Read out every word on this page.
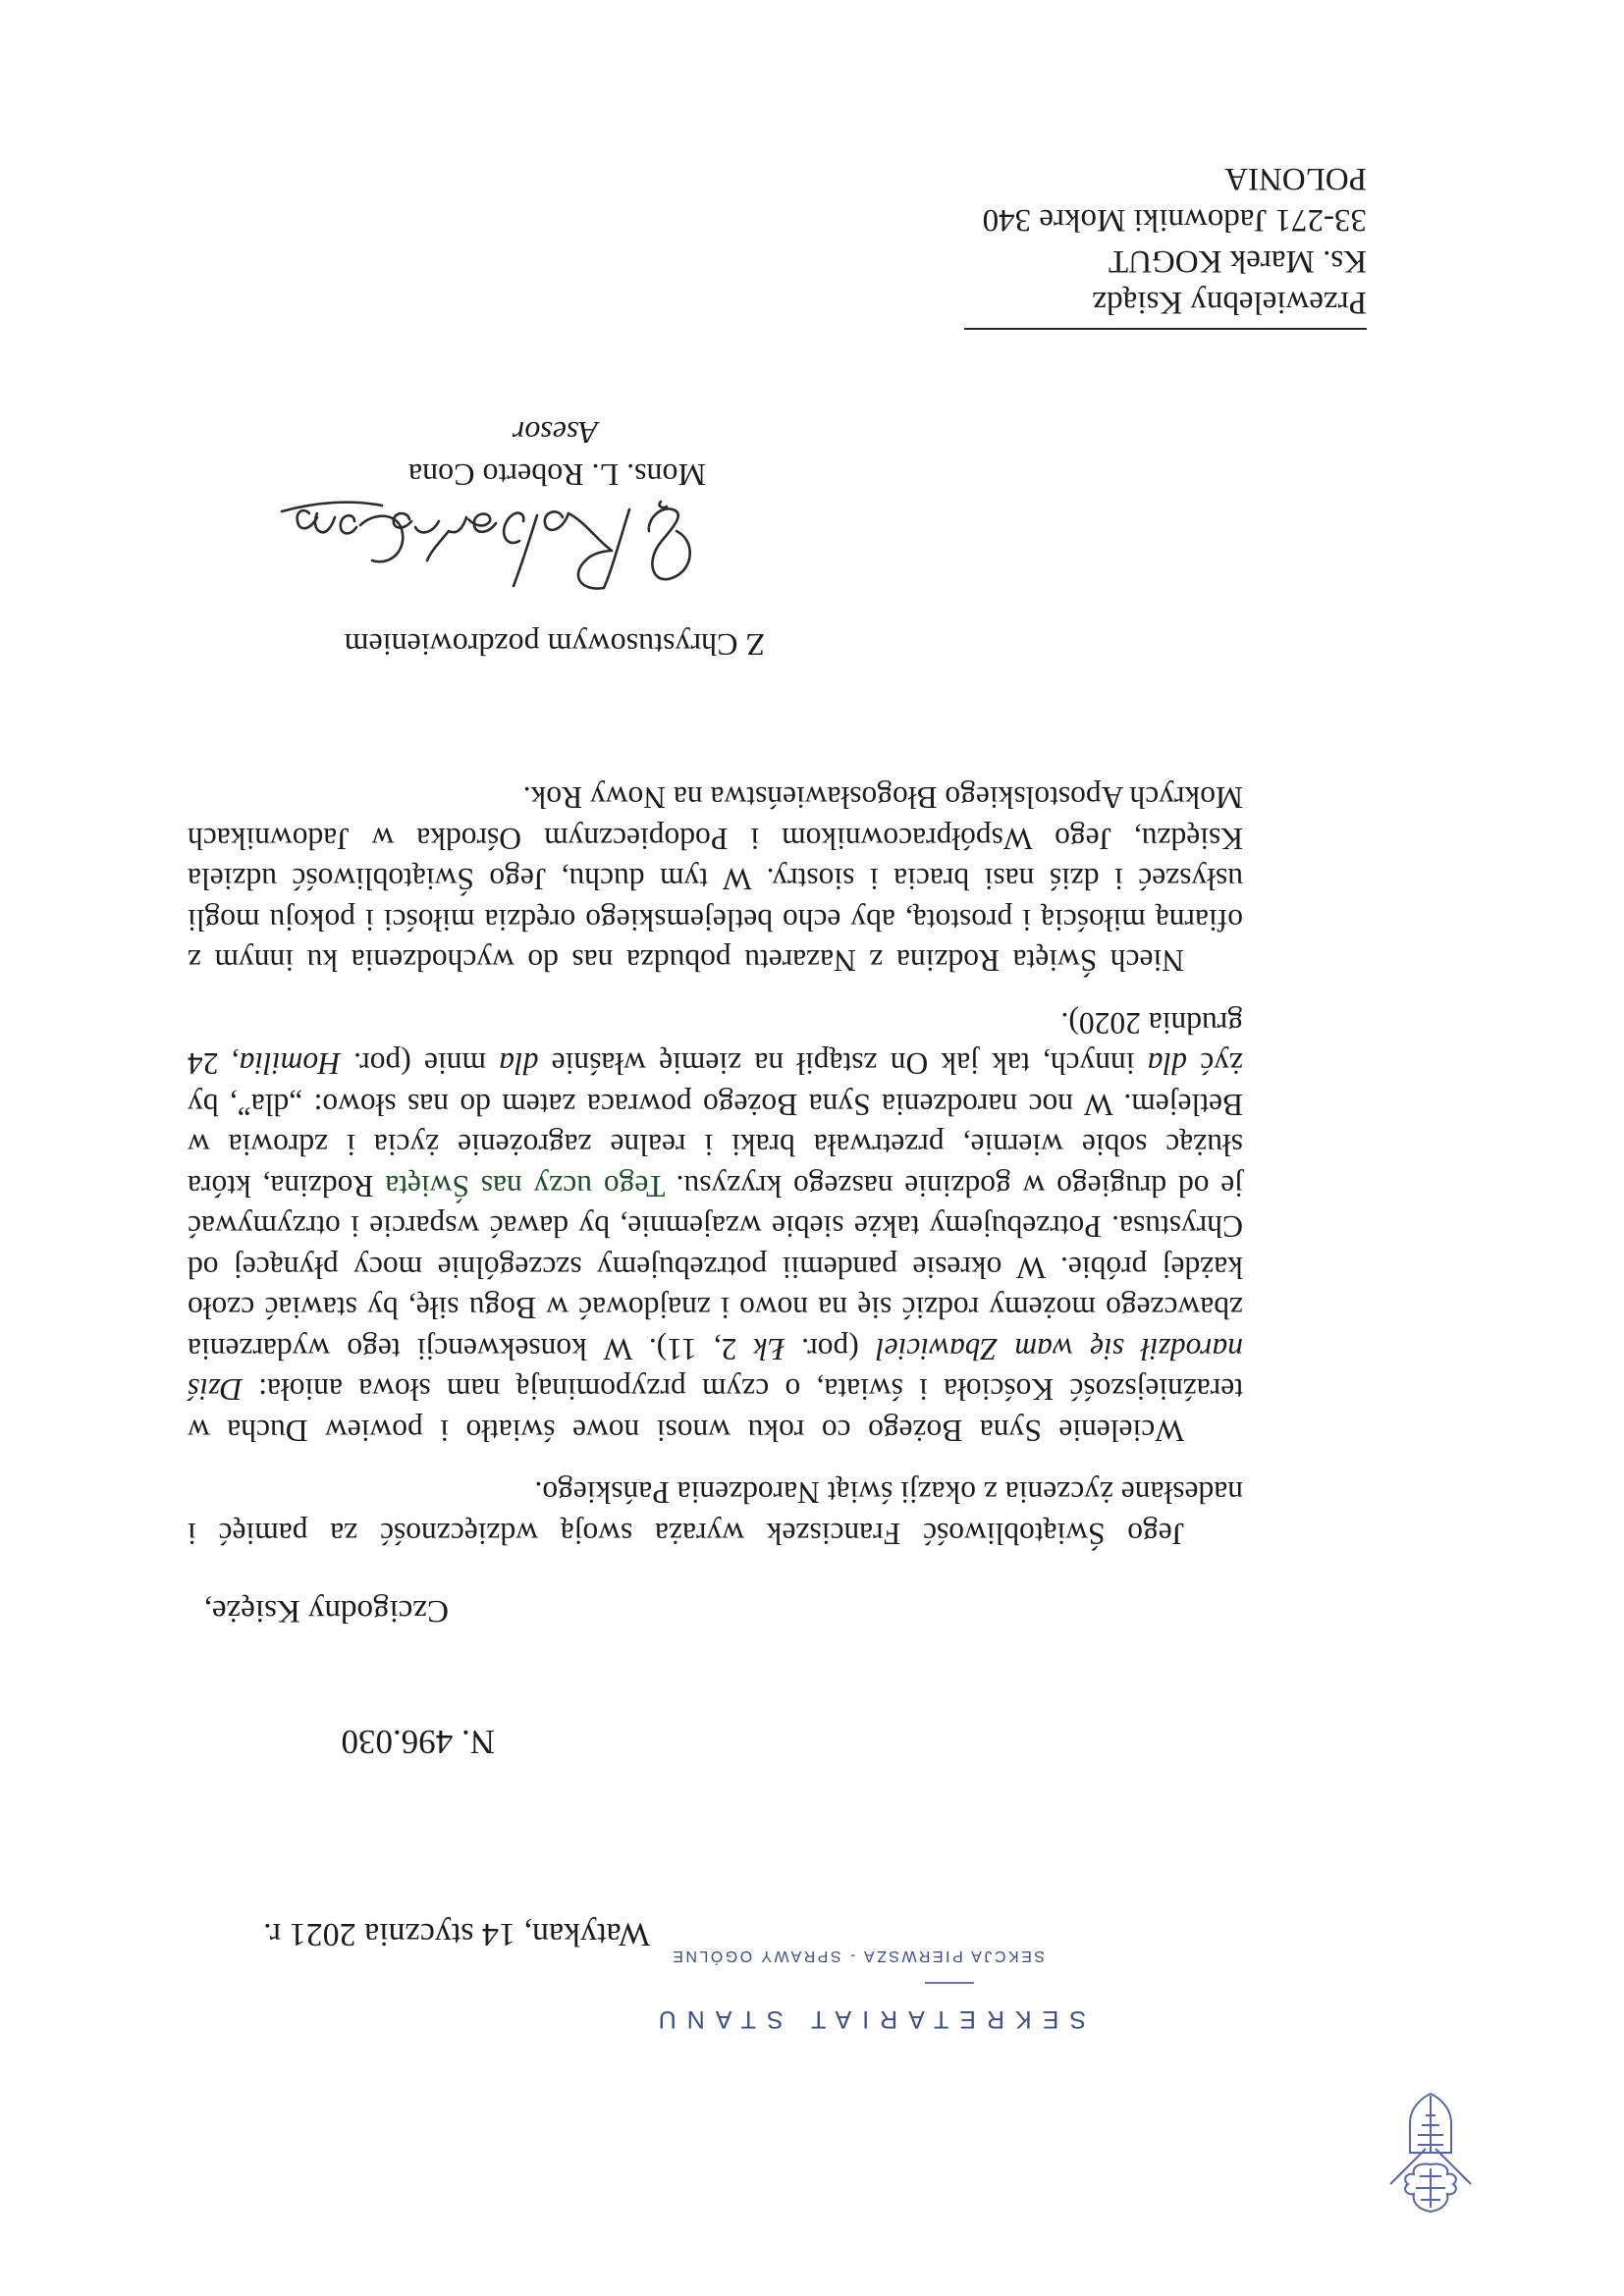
SEKRETARIAT STANU
SEKCJA PIERWSZA - SPRAWY OGÓLNE
Watykan, 14 stycznia 2021 r.
N. 496.030
Czcigodny Księże,

Jego Świątobliwość Franciszek wyraża swoją wdzięczność za pamięć i nadesłane życzenia z okazji świąt Narodzenia Pańskiego.

Wcielenie Syna Bożego co roku wnosi nowe światło i powiew Ducha w teraźniejszość Kościoła i świata, o czym przypominają nam słowa anioła: Dziś narodził się wam Zbawiciel (por. Łk 2, 11). W konsekwencji tego wydarzenia zbawczego możemy rodzić się na nowo i znajdować w Bogu siłę, by stawiać czoło każdej próbie. W okresie pandemii potrzebujemy szczególnie mocy płynącej od Chrystusa. Potrzebujemy także siebie wzajemnie, by dawać wsparcie i otrzymywać je od drugiego w godzinie naszego kryzysu. Tego uczy nas Święta Rodzina, która służąc sobie wiernie, przetrwała braki i realne zagrożenie życia i zdrowia w Betlejem. W noc narodzenia Syna Bożego powraca zatem do nas słowo: „dla”, by żyć dla innych, tak jak On zstąpił na ziemię właśnie dla mnie (por. Homilia, 24 grudnia 2020).

Niech Święta Rodzina z Nazaretu pobudza nas do wychodzenia ku innym z ofiarną miłością i prostotą, aby echo betlejemskiego orędzia miłości i pokoju mogli usłyszeć i dziś nasi bracia i siostry. W tym duchu, Jego Świątobliwość udziela Księdzu, Jego Współpracownikom i Podopiecznym Ośrodka w Jadownikach Mokrych Apostolskiego Błogosławieństwa na Nowy Rok.

Z Chrystusowym pozdrowieniem
Mons. L. Roberto Cona
Asesor
Przewielebny Ksiądz
Ks. Marek KOGUT
33-271 Jadowniki Mokre 340
POLONIA
